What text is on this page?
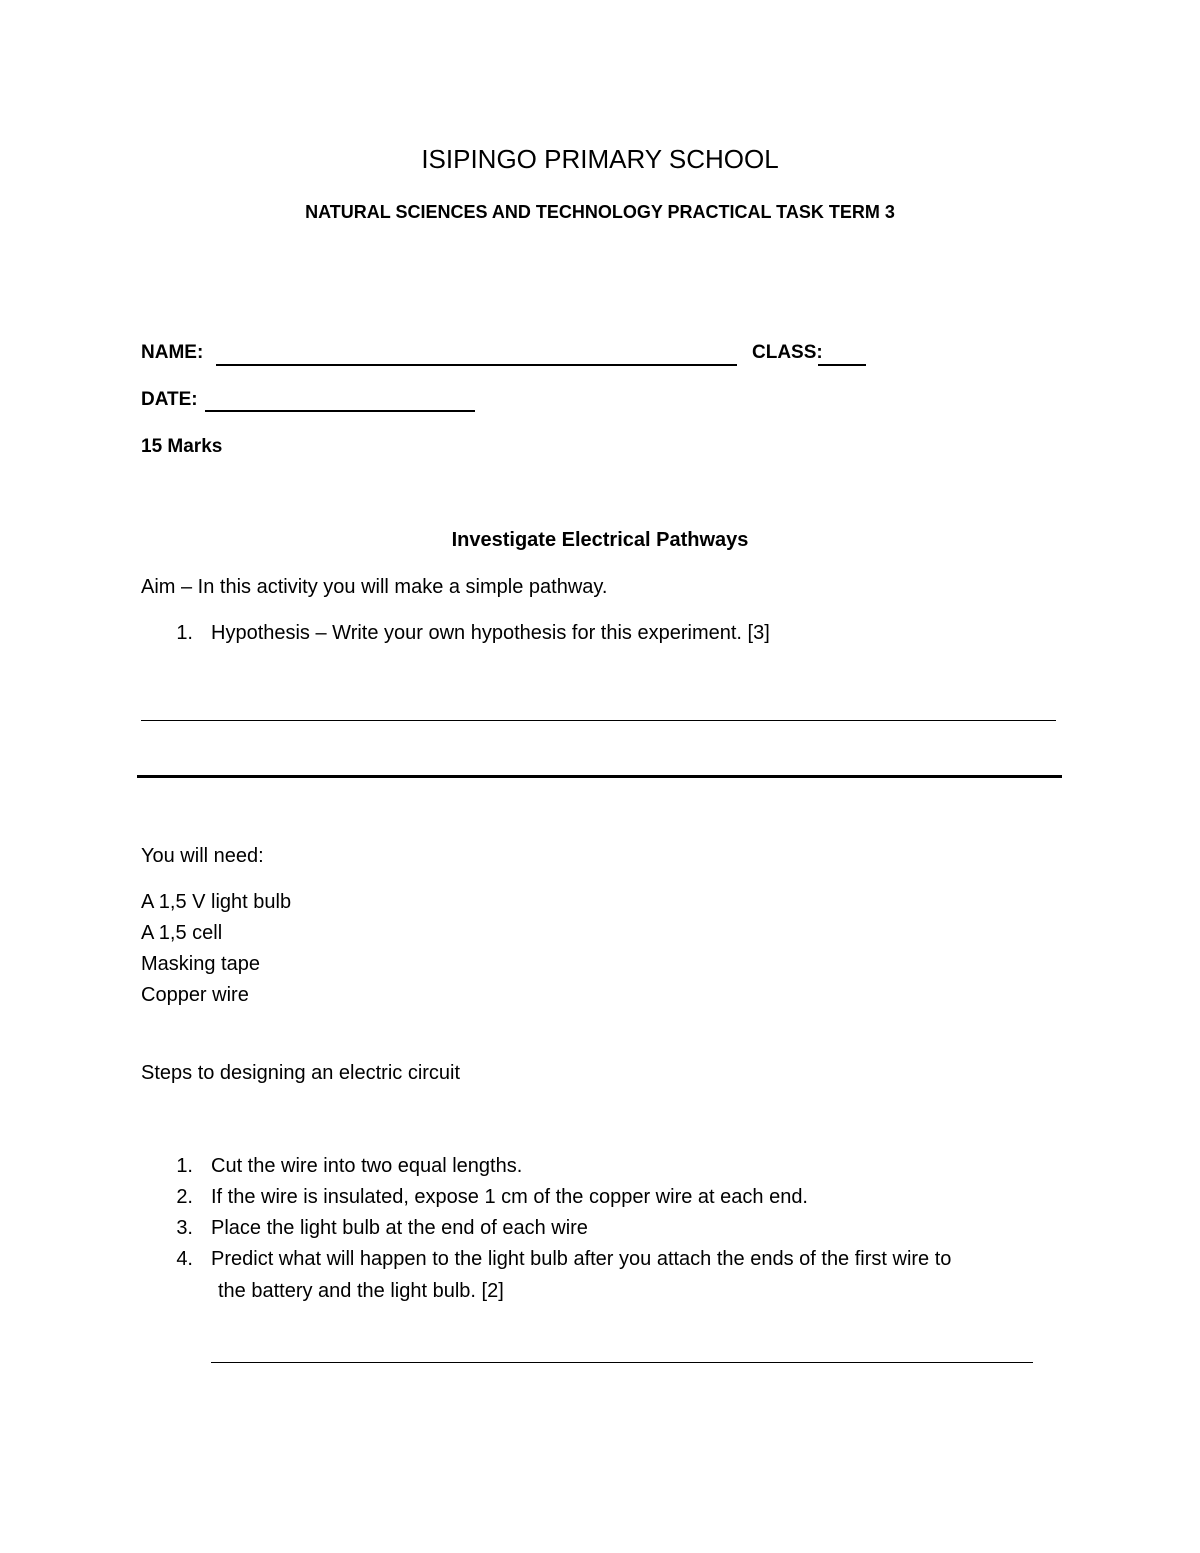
ISIPINGO PRIMARY SCHOOL
NATURAL SCIENCES AND TECHNOLOGY PRACTICAL TASK TERM 3
NAME:	CLASS:
DATE:
15 Marks
Investigate Electrical Pathways
Aim – In this activity you will make a simple pathway.
1. Hypothesis – Write your own hypothesis for this experiment. [3]
You will need:
A 1,5 V light bulb
A 1,5 cell
Masking tape
Copper wire
Steps to designing an electric circuit
1. Cut the wire into two equal lengths.
2. If the wire is insulated, expose 1 cm of the copper wire at each end.
3. Place the light bulb at the end of each wire
4. Predict what will happen to the light bulb after you attach the ends of the first wire to
the battery and the light bulb. [2]
